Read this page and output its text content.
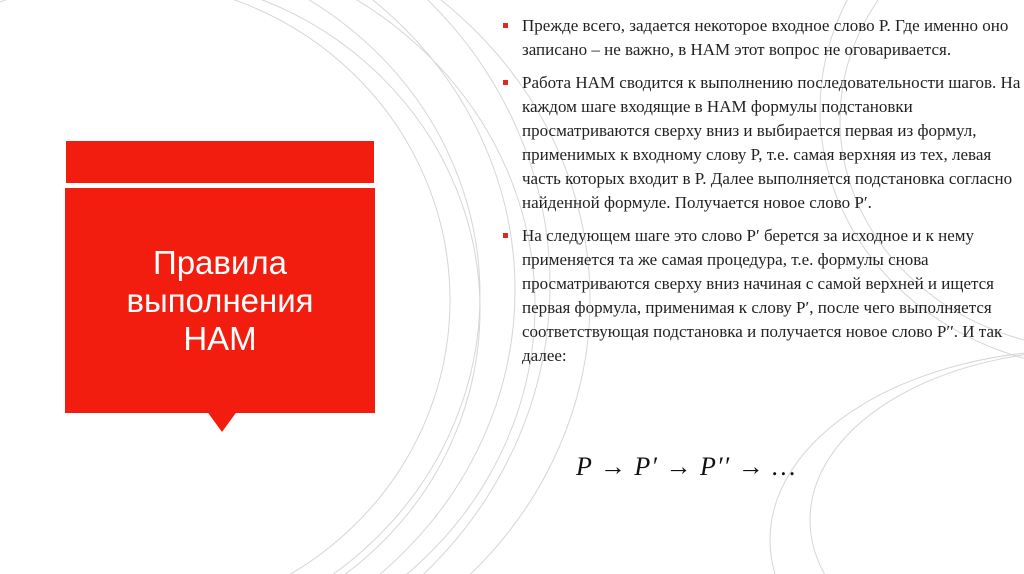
Правила
выполнения
НАМ
Прежде всего, задается некоторое входное слово P. Где именно оно записано – не важно, в НАМ этот вопрос не оговаривается.
Работа НАМ сводится к выполнению последовательности шагов. На каждом шаге входящие в НАМ формулы подстановки просматриваются сверху вниз и выбирается первая из формул, применимых к входному слову P, т.е. самая верхняя из тех, левая часть которых входит в P. Далее выполняется подстановка согласно найденной формуле. Получается новое слово P′.
На следующем шаге это слово P′ берется за исходное и к нему применяется та же самая процедура, т.е. формулы снова просматриваются сверху вниз начиная с самой верхней и ищется первая формула, применимая к слову P′, после чего выполняется соответствующая подстановка и получается новое слово P′′. И так далее:
P → P′ → P′′ → …
